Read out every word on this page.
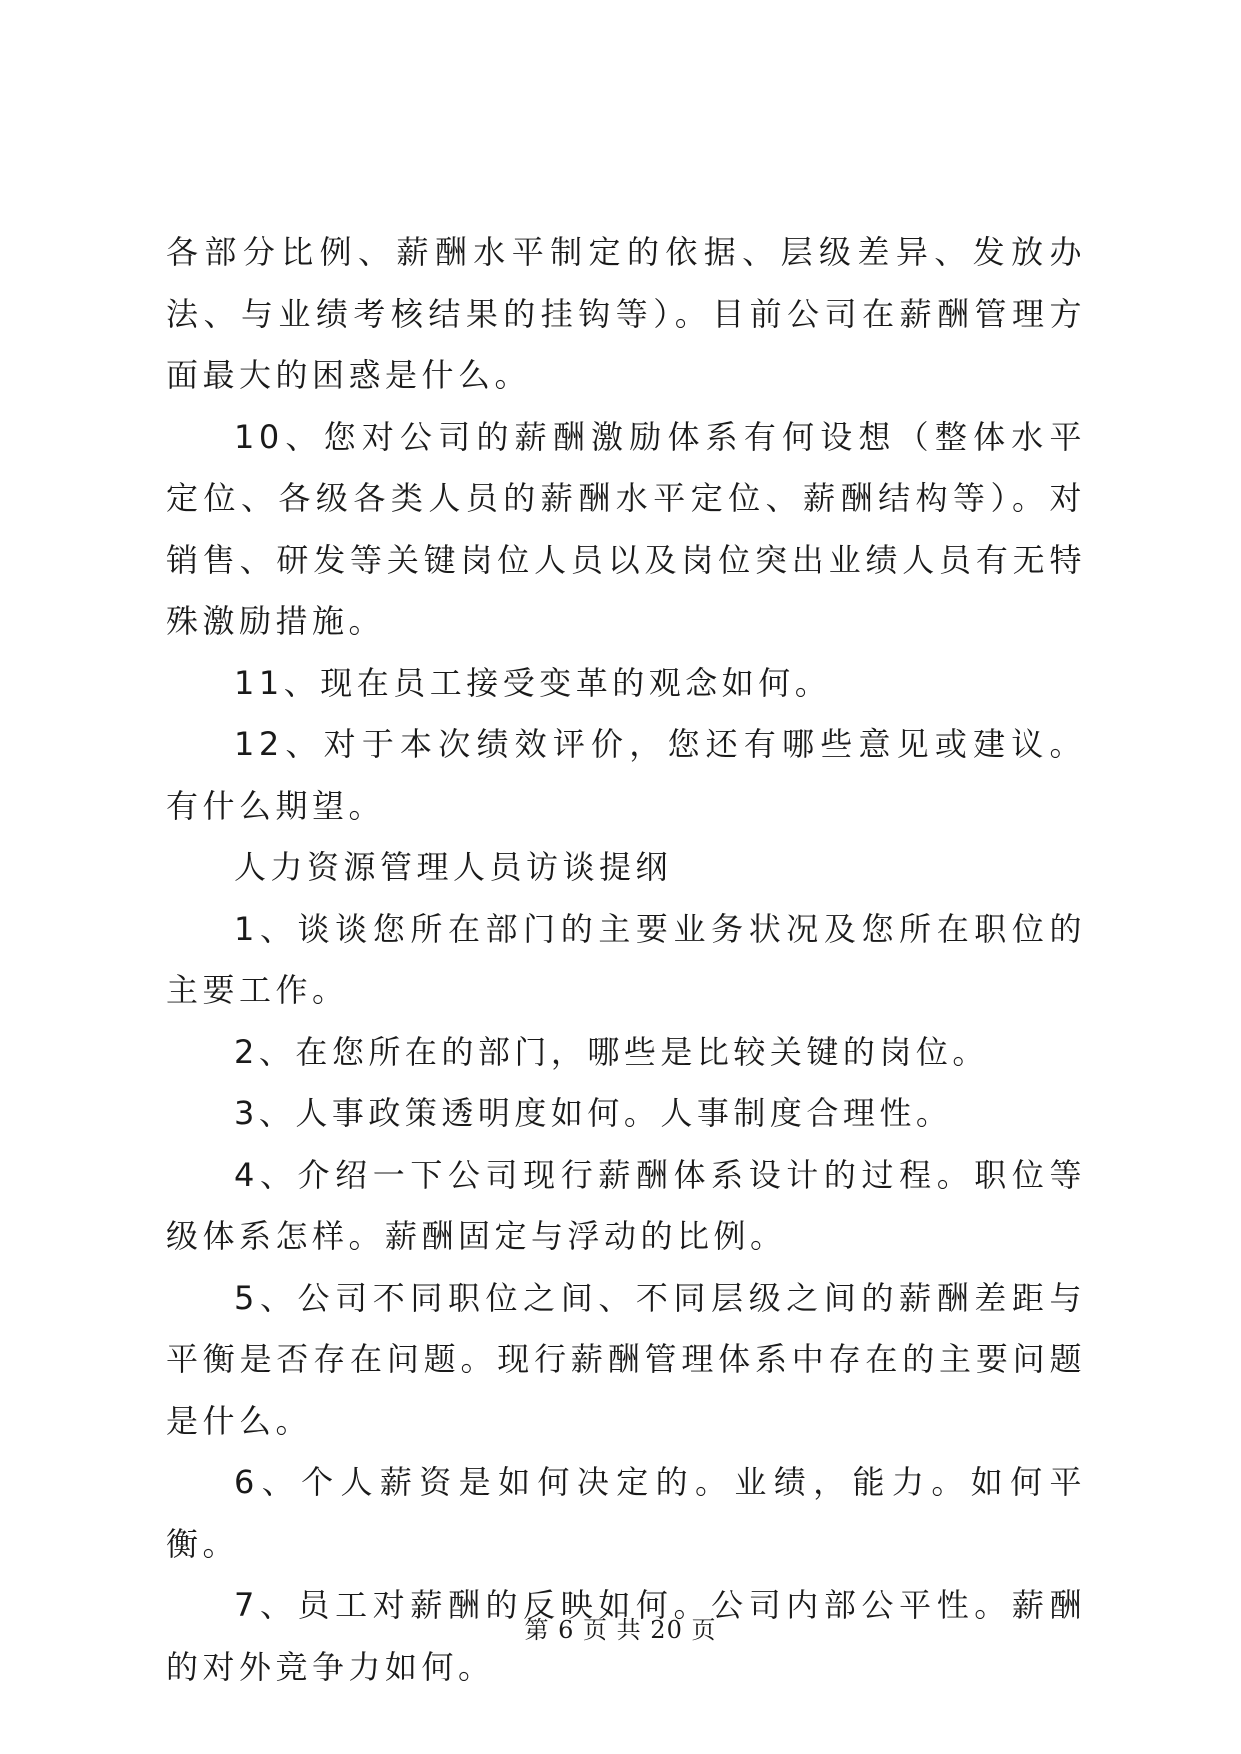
各部分比例、薪酬水平制定的依据、层级差异、发放办法、与业绩考核结果的挂钩等）。目前公司在薪酬管理方面最大的困惑是什么。

10、您对公司的薪酬激励体系有何设想（整体水平定位、各级各类人员的薪酬水平定位、薪酬结构等）。对销售、研发等关键岗位人员以及岗位突出业绩人员有无特殊激励措施。

11、现在员工接受变革的观念如何。

12、对于本次绩效评价，您还有哪些意见或建议。有什么期望。

人力资源管理人员访谈提纲

1、谈谈您所在部门的主要业务状况及您所在职位的主要工作。

2、在您所在的部门，哪些是比较关键的岗位。

3、人事政策透明度如何。人事制度合理性。

4、介绍一下公司现行薪酬体系设计的过程。职位等级体系怎样。薪酬固定与浮动的比例。

5、公司不同职位之间、不同层级之间的薪酬差距与平衡是否存在问题。现行薪酬管理体系中存在的主要问题是什么。

6、个人薪资是如何决定的。业绩，能力。如何平衡。

7、员工对薪酬的反映如何。公司内部公平性。薪酬的对外竞争力如何。

第 6 页 共 20 页
